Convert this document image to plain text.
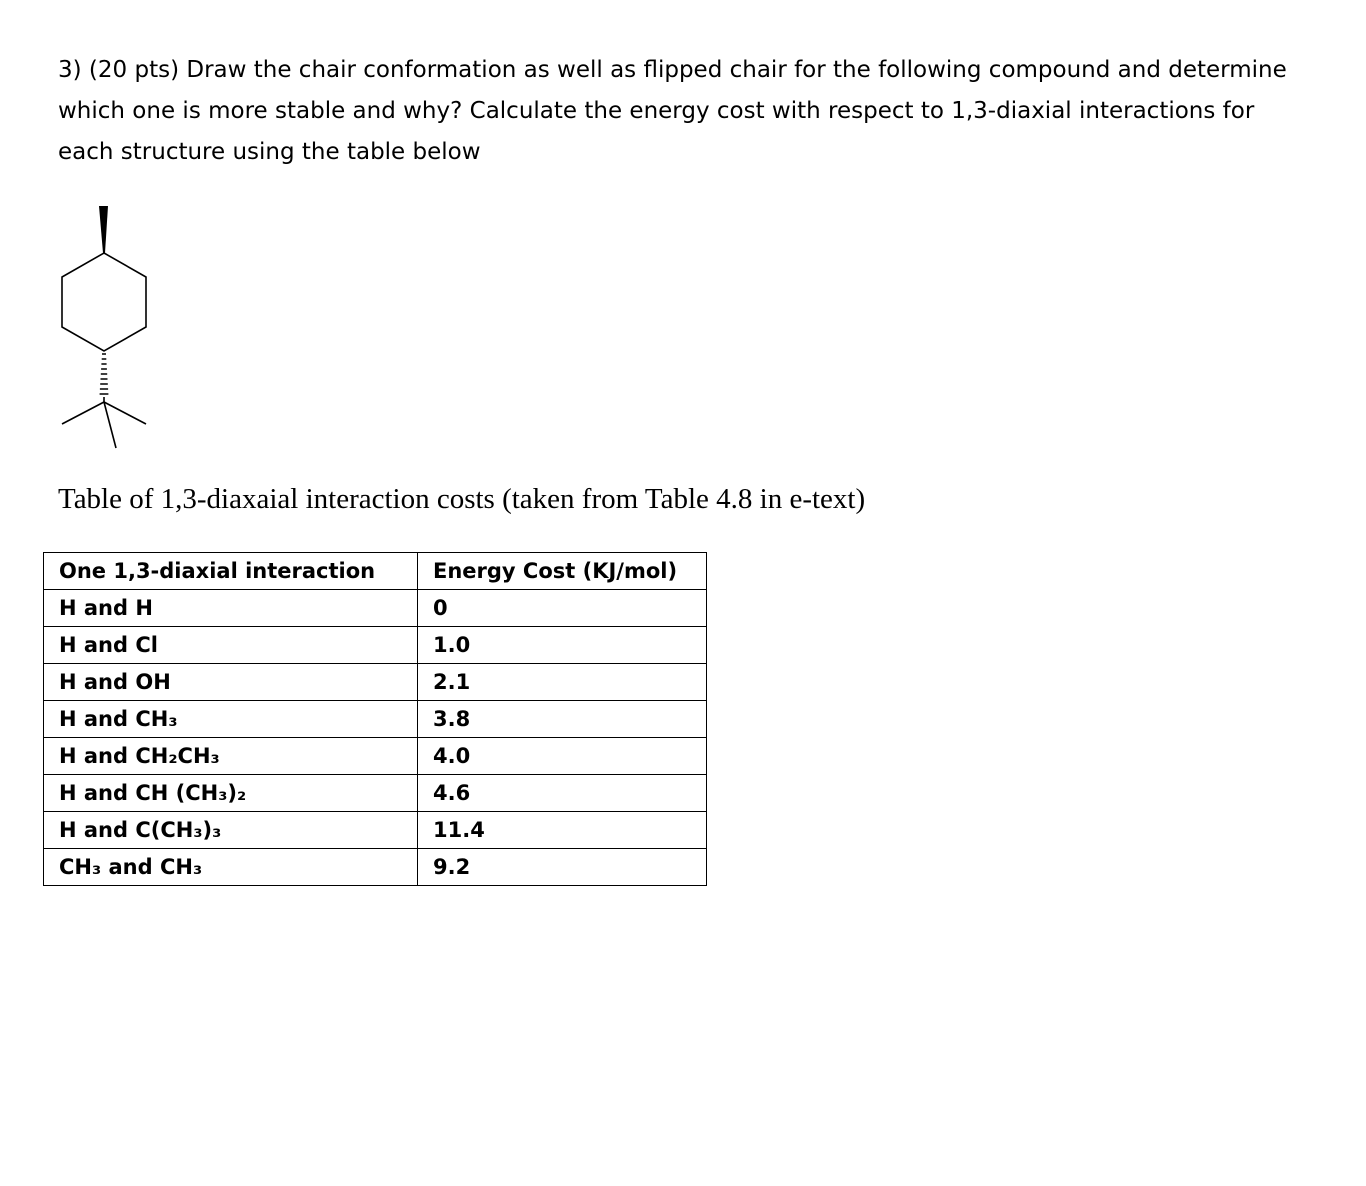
3) (20 pts) Draw the chair conformation as well as flipped chair for the following compound and determine which one is more stable and why? Calculate the energy cost with respect to 1,3-diaxial interactions for each structure using the table below

Table of 1,3-diaxaial interaction costs (taken from Table 4.8 in e-text)
One 1,3-diaxial interaction	Energy Cost (KJ/mol)
H and H	0
H and Cl	1.0
H and OH	2.1
H and CH₃	3.8
H and CH₂CH₃	4.0
H and CH (CH₃)₂	4.6
H and C(CH₃)₃	11.4
CH₃ and CH₃	9.2
